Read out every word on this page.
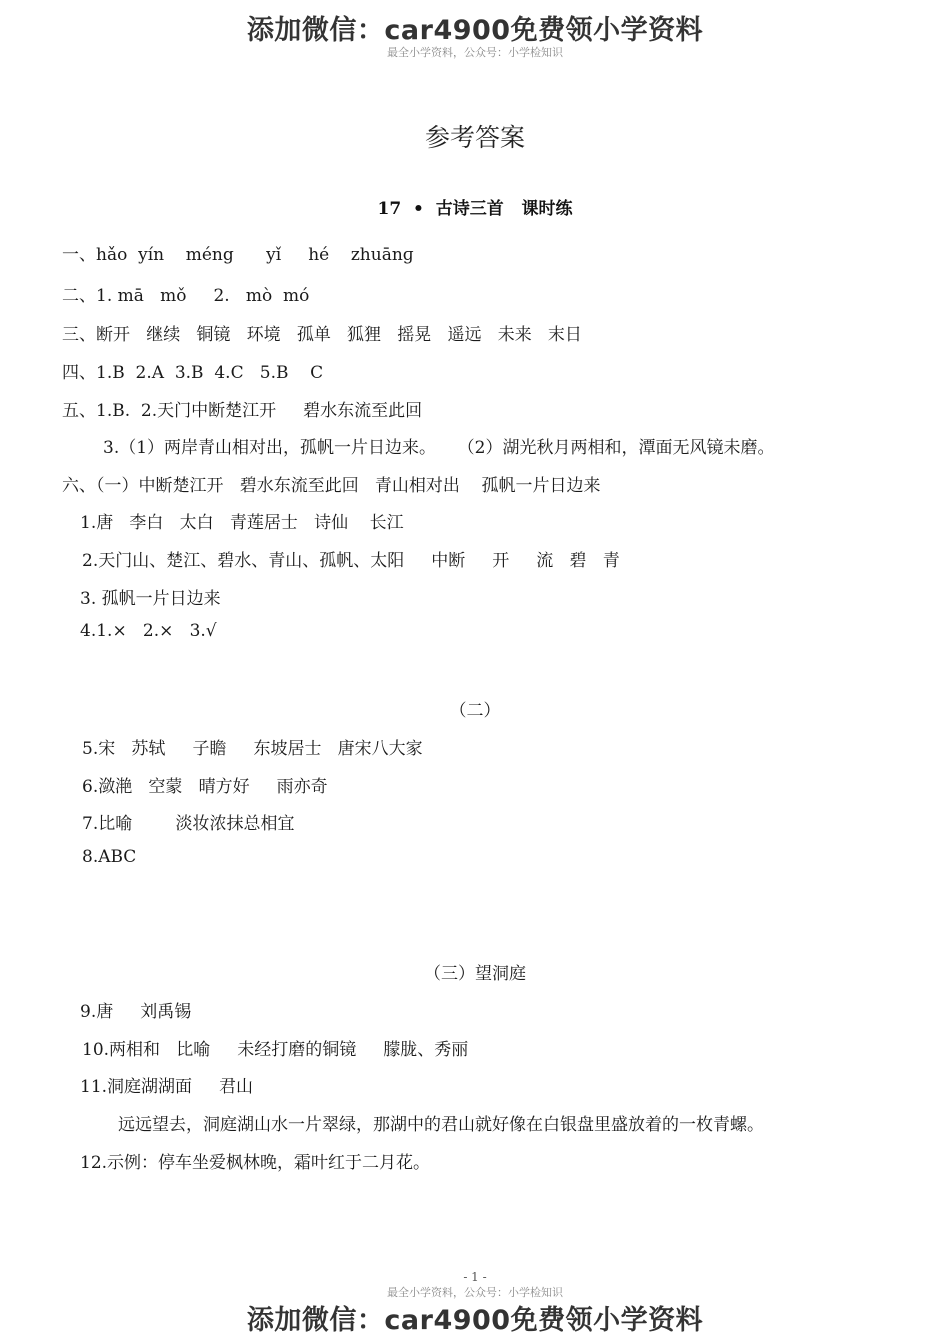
添加微信：car4900免费领小学资料
最全小学资料，公众号：小学检知识
参考答案
17  •  古诗三首   课时练
一、hǎo  yín    méng      yǐ     hé    zhuānɡ
二、1. mā   mǒ     2.   mò  mó
三、断开   继续   铜镜   环境   孤单   狐狸   摇晃   遥远   未来   末日
四、1.B  2.A  3.B  4.C   5.B    C
五、1.B.  2.天门中断楚江开     碧水东流至此回
3.（1）两岸青山相对出，孤帆一片日边来。    （2）湖光秋月两相和，潭面无风镜未磨。
六、（一）中断楚江开   碧水东流至此回   青山相对出    孤帆一片日边来
1.唐   李白   太白   青莲居士   诗仙    长江
2.天门山、楚江、碧水、青山、孤帆、太阳     中断     开     流   碧   青
3. 孤帆一片日边来
4.1.×   2.×   3.√
（二）
5.宋   苏轼     子瞻     东坡居士   唐宋八大家
6.潋滟   空蒙   晴方好     雨亦奇
7.比喻        淡妆浓抹总相宜
8.ABC
（三）望洞庭
9.唐     刘禹锡
10.两相和   比喻     未经打磨的铜镜     朦胧、秀丽
11.洞庭湖湖面     君山
远远望去，洞庭湖山水一片翠绿，那湖中的君山就好像在白银盘里盛放着的一枚青螺。
12.示例：停车坐爱枫林晚，霜叶红于二月花。
- 1 -
最全小学资料，公众号：小学检知识
添加微信：car4900免费领小学资料
